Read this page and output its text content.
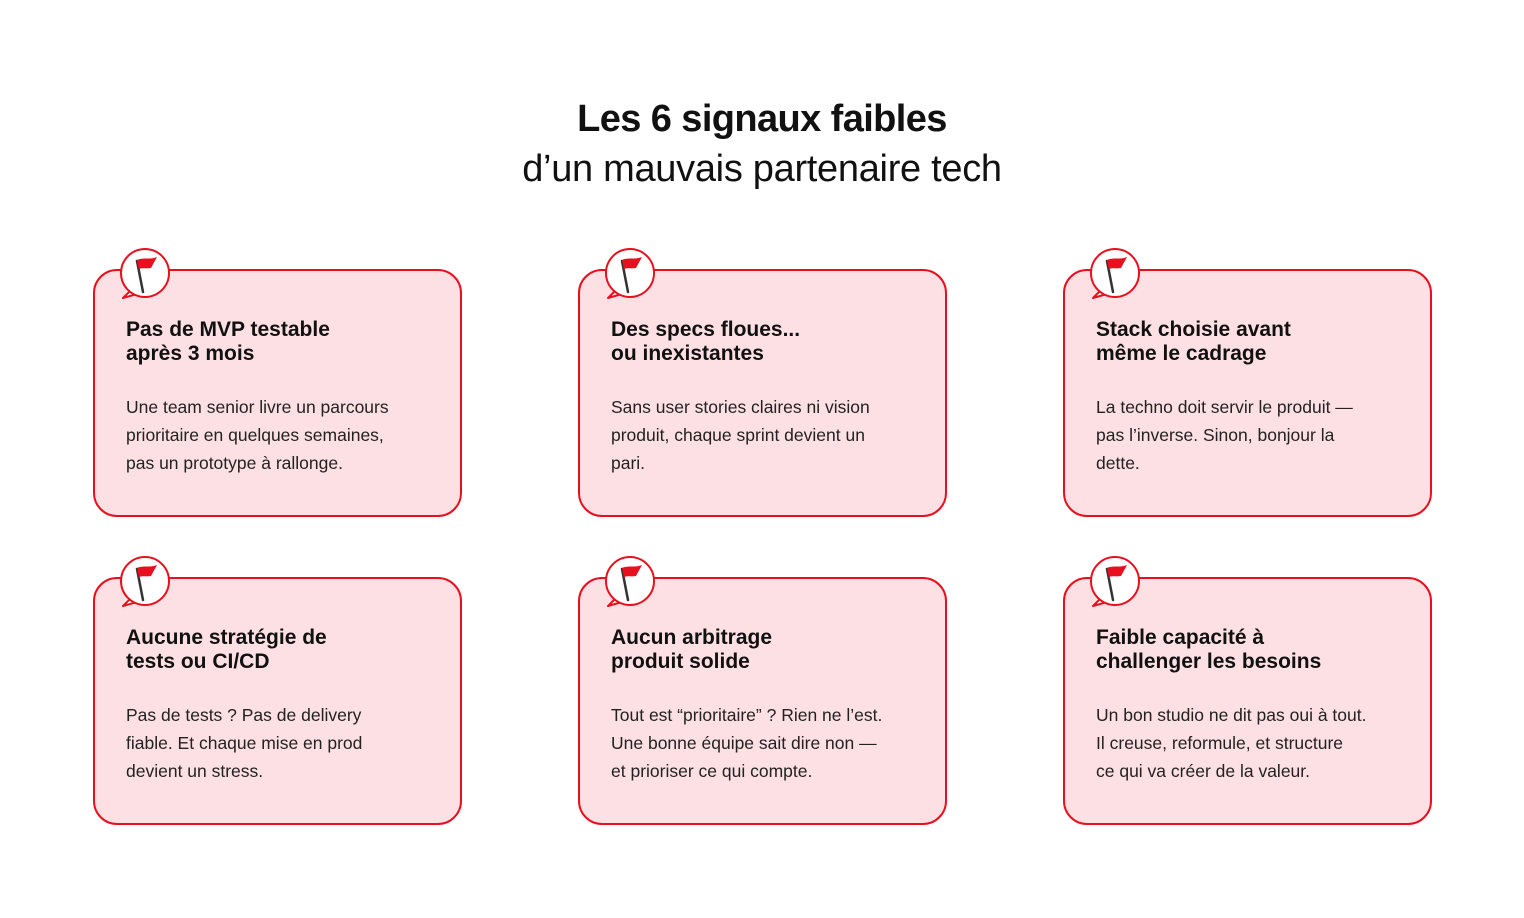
Les 6 signaux faibles

d’un mauvais partenaire tech

Pas de MVP testable
après 3 mois

Une team senior livre un parcours
prioritaire en quelques semaines,
pas un prototype à rallonge.

Des specs floues...
ou inexistantes

Sans user stories claires ni vision
produit, chaque sprint devient un
pari.

Stack choisie avant
même le cadrage

La techno doit servir le produit —
pas l’inverse. Sinon, bonjour la
dette.

Aucune stratégie de
tests ou CI/CD

Pas de tests ? Pas de delivery
fiable. Et chaque mise en prod
devient un stress.

Aucun arbitrage
produit solide

Tout est “prioritaire” ? Rien ne l’est.
Une bonne équipe sait dire non —
et prioriser ce qui compte.

Faible capacité à
challenger les besoins

Un bon studio ne dit pas oui à tout.
Il creuse, reformule, et structure
ce qui va créer de la valeur.
